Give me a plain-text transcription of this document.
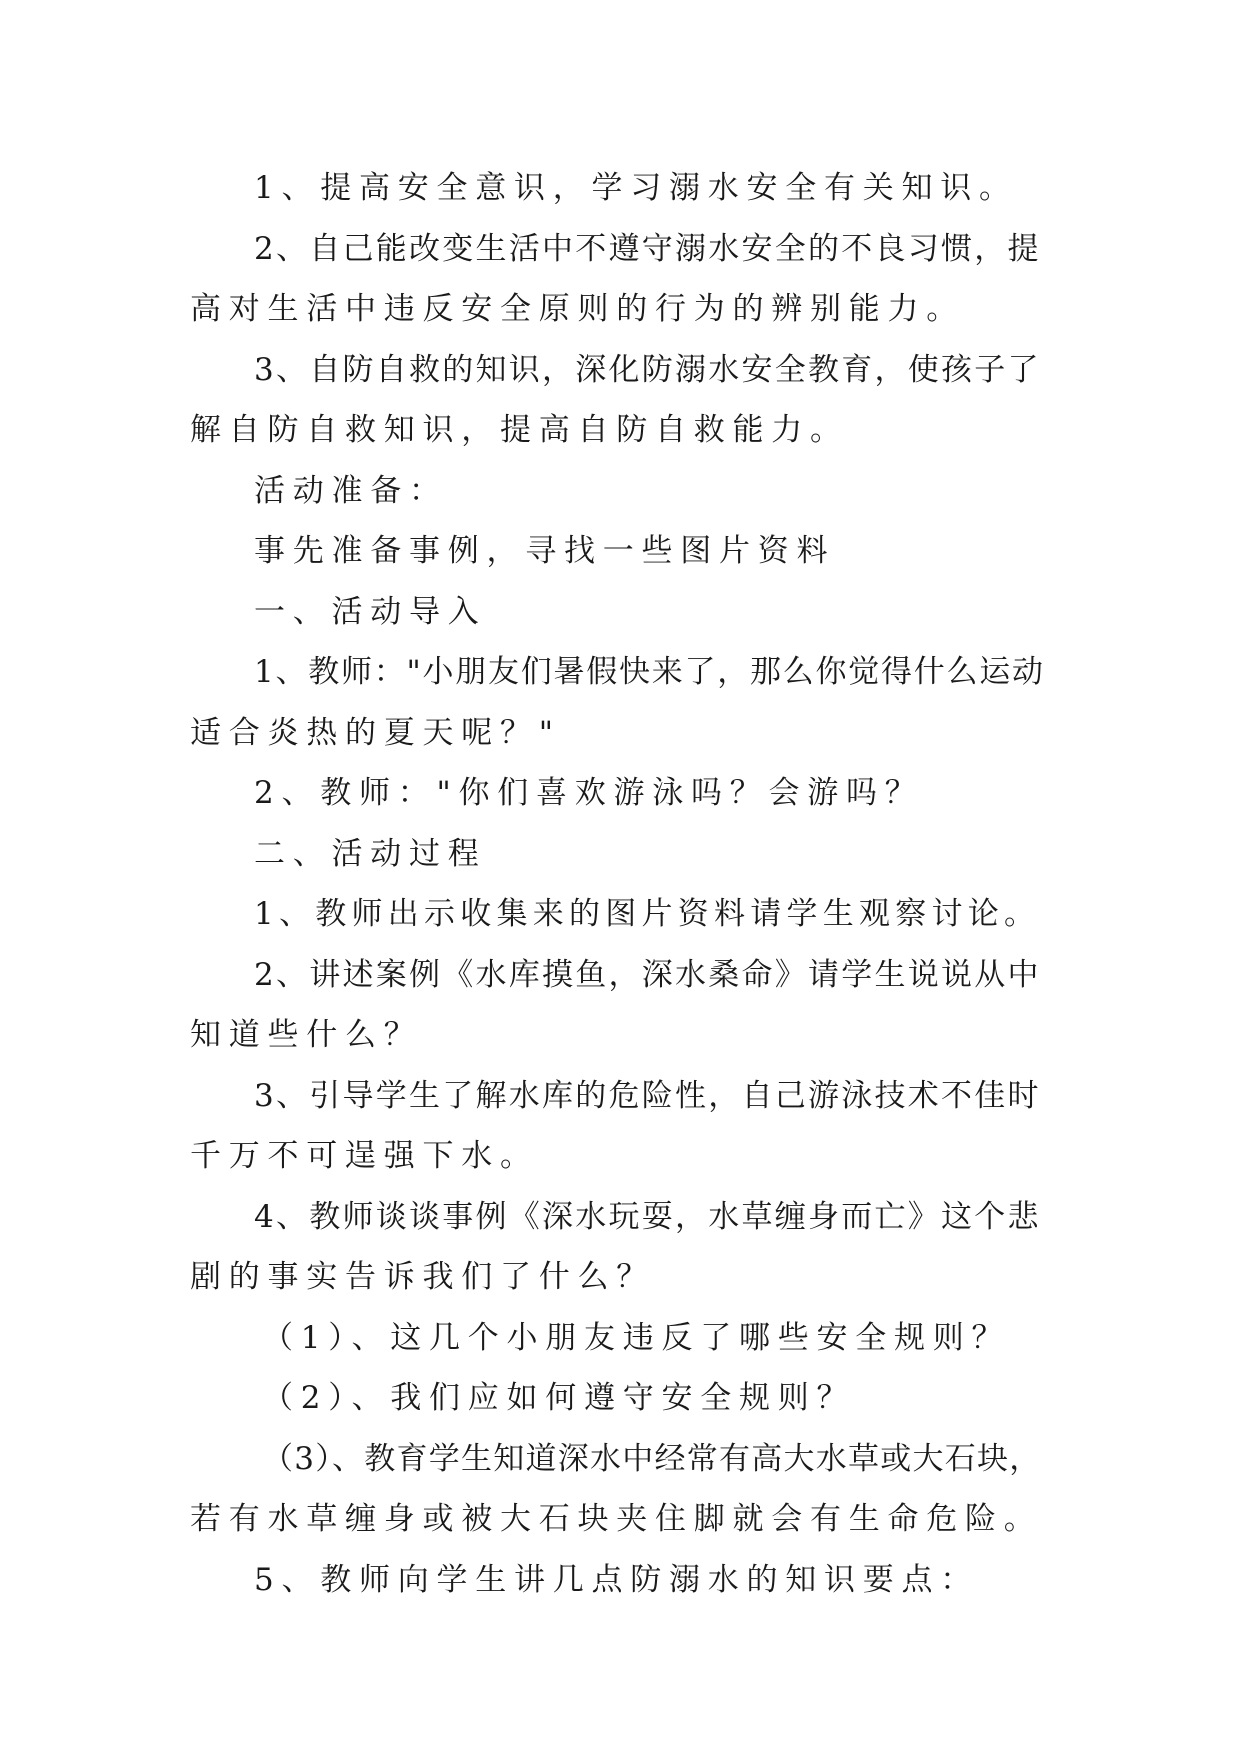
1、提高安全意识，学习溺水安全有关知识。
2、自己能改变生活中不遵守溺水安全的不良习惯，提
高对生活中违反安全原则的行为的辨别能力。
3、自防自救的知识，深化防溺水安全教育，使孩子了
解自防自救知识，提高自防自救能力。
活动准备：
事先准备事例，寻找一些图片资料
一、活动导入
1、教师："小朋友们暑假快来了，那么你觉得什么运动
适合炎热的夏天呢？"
2、教师："你们喜欢游泳吗？会游吗？
二、活动过程
1、教师出示收集来的图片资料请学生观察讨论。
2、讲述案例《水库摸鱼，深水桑命》请学生说说从中
知道些什么？
3、引导学生了解水库的危险性，自己游泳技术不佳时
千万不可逞强下水。
4、教师谈谈事例《深水玩耍，水草缠身而亡》这个悲
剧的事实告诉我们了什么？
（1）、这几个小朋友违反了哪些安全规则？
（2）、我们应如何遵守安全规则？
（3）、教育学生知道深水中经常有高大水草或大石块，
若有水草缠身或被大石块夹住脚就会有生命危险。
5、教师向学生讲几点防溺水的知识要点：
